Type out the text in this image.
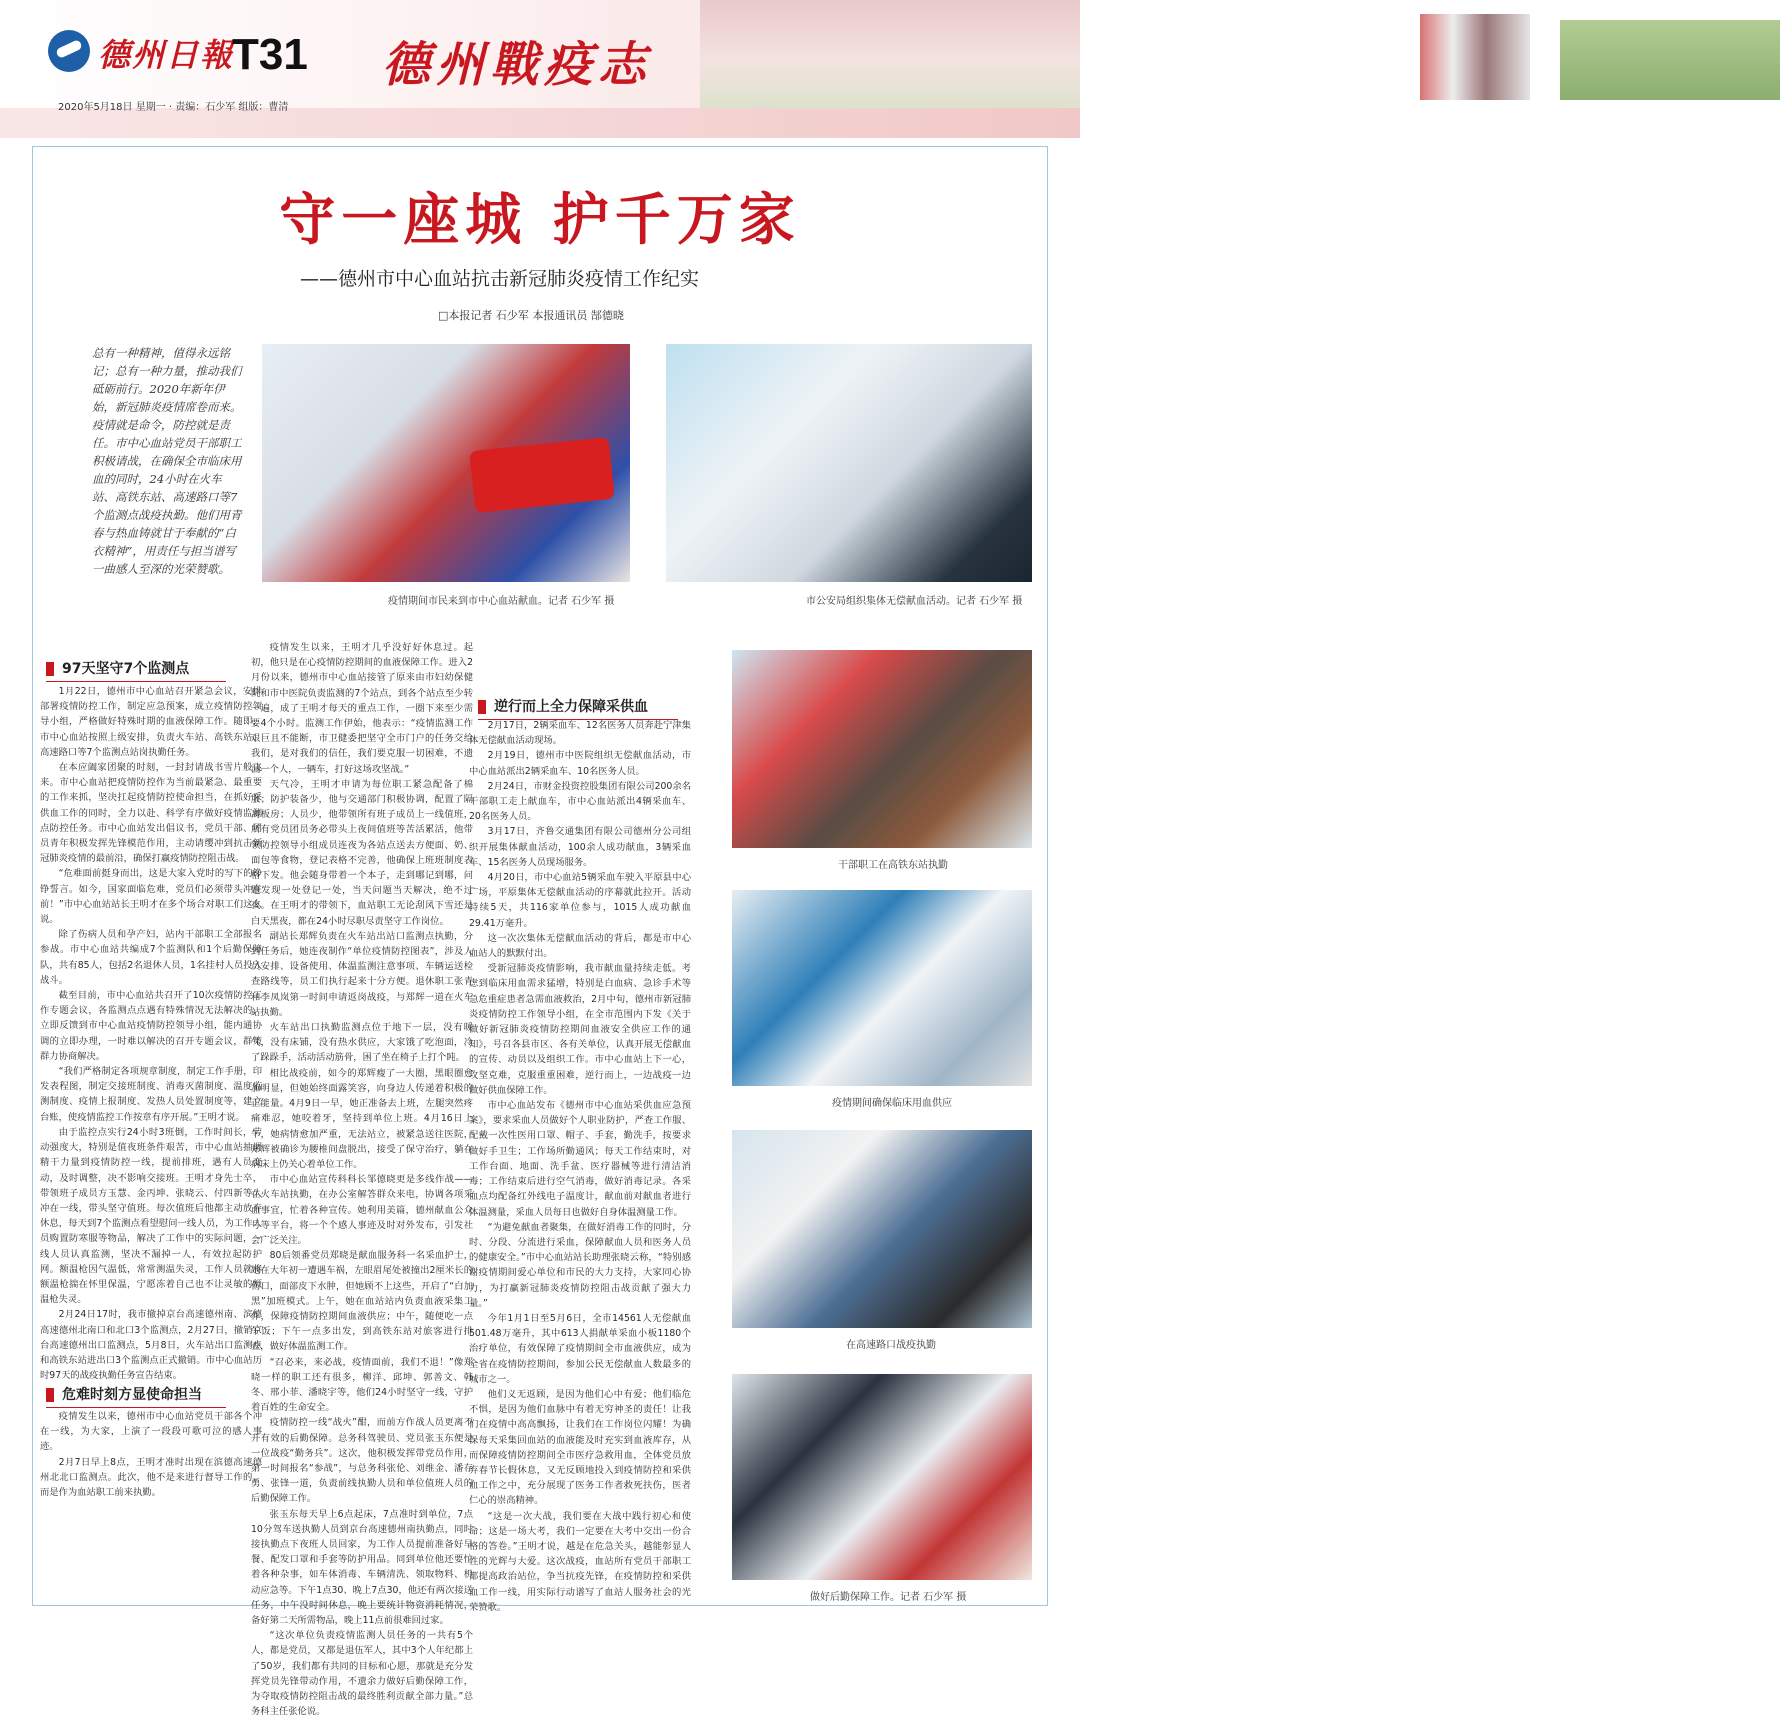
德州日報
T31 德州戰疫志
2020年5月18日 星期一 · 责编：石少军 组版：曹清
守一座城 护千万家
——德州市中心血站抗击新冠肺炎疫情工作纪实
□本报记者 石少军 本报通讯员 郜德晓
总有一种精神，值得永远铭记；总有一种力量，推动我们砥砺前行。2020年新年伊始，新冠肺炎疫情席卷而来。疫情就是命令，防控就是责任。市中心血站党员干部职工积极请战，在确保全市临床用血的同时，24小时在火车站、高铁东站、高速路口等7个监测点战疫执勤。他们用青春与热血铸就甘于奉献的“白衣精神”，用责任与担当谱写一曲感人至深的光荣赞歌。
疫情期间市民来到市中心血站献血。记者 石少军 摄	市公安局组织集体无偿献血活动。记者 石少军 摄
干部职工在高铁东站执勤
疫情期间确保临床用血供应
在高速路口战疫执勤
做好后勤保障工作。记者 石少军 摄
97天坚守7个监测点

1月22日，德州市中心血站召开紧急会议，安排部署疫情防控工作，制定应急预案，成立疫情防控领导小组，严格做好特殊时期的血液保障工作。随即，市中心血站按照上级安排，负责火车站、高铁东站、高速路口等7个监测点站岗执勤任务。

在本应阖家团聚的时刻，一封封请战书雪片般飞来。市中心血站把疫情防控作为当前最紧急、最重要的工作来抓，坚决扛起疫情防控使命担当，在抓好采供血工作的同时，全力以赴、科学有序做好疫情监测点防控任务。市中心血站发出倡议书，党员干部、团员青年积极发挥先锋模范作用，主动请缨冲到抗击新冠肺炎疫情的最前沿，确保打赢疫情防控阻击战。

“危难面前挺身而出，这是大家入党时的写下的铮铮誓言。如今，国家面临危难，党员们必须带头冲在前！”市中心血站站长王明才在多个场合对职工们这么说。

除了伤病人员和孕产妇，站内干部职工全部报名参战。市中心血站共编成7个监测队和1个后勤保障队，共有85人，包括2名退休人员，1名挂村人员投入战斗。

截至目前，市中心血站共召开了10次疫情防控工作专题会议，各监测点点遇有特殊情况无法解决的，立即反馈到市中心血站疫情防控领导小组，能内通协调的立即办理，一时难以解决的召开专题会议，群策群力协商解决。

“我们严格制定各项规章制度，制定工作手册，印发表程图，制定交接班制度、消毒灭菌制度、温度监测制度、疫情上报制度、发热人员处置制度等，建立台账，使疫情监控工作按章有序开展。”王明才说。

由于监控点实行24小时3班倒，工作时间长，劳动强度大，特别是值夜班条件艰苦，市中心血站抽调精干力量到疫情防控一线，提前排班，遇有人员变动，及时调整，决不影响交接班。王明才身先士卒，带领班子成员方玉慧、金丙坤、张晓云、付四新等人冲在一线，带头坚守值班。每次值班后他都主动放弃休息，每天到7个监测点看望慰问一线人员，为工作人员购置防寒服等物品，解决了工作中的实际问题，一线人员认真监测，坚决不漏掉一人，有效拉起防护网。额温枪因气温低，常常测温失灵，工作人员就将额温枪揣在怀里保温，宁愿冻着自己也不让灵敏的额温枪失灵。

2月24日17时，我市撤掉京台高速德州南、滨德高速德州北南口和北口3个监测点，2月27日，撤销京台高速德州出口监测点，5月8日，火车站出口监测点和高铁东站进出口3个监测点正式撤销。市中心血站历时97天的战疫执勤任务宣告结束。

危难时刻方显使命担当

疫情发生以来，德州市中心血站党员干部各个冲在一线，为大家，上演了一段段可歌可泣的感人事迹。

2月7日早上8点，王明才准时出现在滨德高速德州北北口监测点。此次，他不是来进行督导工作的，而是作为血站职工前来执勤。

疫情发生以来，王明才几乎没好好休息过。起初，他只是在心疫情防控期间的血液保障工作。进入2月份以来，德州市中心血站接管了原来由市妇幼保健院和市中医院负责监测的7个站点，到各个站点至少转一遍，成了王明才每天的重点工作，一圈下来至少需要4个小时。监测工作伊始，他表示：“疫情监测工作艰巨且不能断，市卫健委把坚守全市门户的任务交给我们，是对我们的信任，我们要克服一切困难，不遗漏一个人，一辆车，打好这场攻坚战。”

天气冷，王明才申请为每位职工紧急配备了棉服；防护装备少，他与交通部门积极协调，配置了隔离板房；人员少，他带领所有班子成员上一线值班，所有党员团员务必带头上夜间值班等苦活累活，他带领防控领导小组成员连夜为各站点送去方便面、奶、面包等食物，登记表格不完善，他确保上班班制度表格下发。他会随身带着一个本子，走到哪记到哪，问题发现一处登记一处，当天问题当天解决，绝不过夜。在王明才的带领下，血站职工无论刮风下雪还是白天黑夜，都在24小时尽职尽责坚守工作岗位。

副站长郑辉负责在火车站出站口监测点执勤，分到任务后，她连夜制作“单位疫情防控图表”，涉及人员安排、设备使用、体温监测注意事项、车辆运送检查路线等，员工们执行起来十分方便。退休职工张青和李凤岚第一时间申请返岗战疫，与郑辉一道在火车站执勤。

火车站出口执勤监测点位于地下一层，没有暖气，没有床铺，没有热水供应，大家饿了吃泡面，冷了跺跺手，活动活动筋骨，困了坐在椅子上打个盹。

相比战疫前，如今的郑辉瘦了一大圈，黑眼圈愈加明显，但她始终面露笑容，向身边人传递着积极的正能量。4月9日一早，她正准备去上班，左腿突然疼痛难忍，她咬着牙，坚持到单位上班。4月16日上午，她病情愈加严重，无法站立，被紧急送往医院，郑辉被确诊为腰椎间盘脱出，接受了保守治疗，躺在病床上仍关心着单位工作。

市中心血站宣传科科长邹德晓更是多线作战——在火车站执勤，在办公室解答群众来电，协调各项采血事宜，忙着各种宣传。她利用美篇，德州献血公众号等平台，将一个个感人事迹及时对外发布，引发社会广泛关注。

80后领番党员郑晓是献血服务科一名采血护士，她在大年初一遭遇车祸，左眼眉尾处被撞出2厘米长的伤口，面部皮下水肿，但她顾不上这些，开启了“白加黑”加班模式。上午，她在血站站内负责血液采集工作，保障疫情防控期间血液供应；中午，随便吃一点午饭；下午一点多出发，到高铁东站对旅客进行排查，做好体温监测工作。

“召必来，来必战，疫情面前，我们不退！”像郑晓一样的职工还有很多，柳洋、邱坤、郭善文、韩冬、邢小菲、潘晓宇等，他们24小时坚守一线，守护着百姓的生命安全。

疫情防控一线“战火”酣，而前方作战人员更离不开有效的后勤保障。总务科驾驶员、党员张玉东便是一位战疫“勤务兵”。这次，他积极发挥带党员作用，第一时间报名“参战”，与总务科张伦、刘维金、潘存勇、张锋一道，负责前线执勤人员和单位值班人员的后勤保障工作。

张玉东每天早上6点起床，7点准时到单位，7点10分驾车送执勤人员到京台高速德州南执勤点，同时接执勤点下夜班人员回家，为工作人员提前准备好早餐、配发口罩和手套等防护用品。同到单位他还要忙着各种杂事，如车体消毒、车辆清洗、领取物料、机动应急等。下午1点30、晚上7点30，他还有两次接送任务，中午没时间休息，晚上要统计物资消耗情况，备好第二天所需物品，晚上11点前很难回过家。

“这次单位负责疫情监测人员任务的一共有5个人，都是党员，又都是退伍军人，其中3个人年纪都上了50岁，我们都有共同的目标和心愿，那就是充分发挥党员先锋带动作用，不遗余力做好后勤保障工作，为夺取疫情防控阻击战的最终胜利贡献全部力量。”总务科主任张伦说。

逆行而上全力保障采供血

2月17日，2辆采血车、12名医务人员奔赴宁津集体无偿献血活动现场。

2月19日，德州市中医院组织无偿献血活动，市中心血站派出2辆采血车、10名医务人员。

2月24日，市财金投资控股集团有限公司200余名干部职工走上献血车，市中心血站派出4辆采血车、20名医务人员。

3月17日，齐鲁交通集团有限公司德州分公司组织开展集体献血活动，100余人成功献血，3辆采血车、15名医务人员现场服务。

4月20日，市中心血站5辆采血车驶入平原县中心广场，平原集体无偿献血活动的序幕就此拉开。活动持续5天，共116家单位参与，1015人成功献血29.41万毫升。

这一次次集体无偿献血活动的背后，都是市中心血站人的默默付出。

受新冠肺炎疫情影响，我市献血量持续走低。考虑到临床用血需求猛增，特别是白血病、急诊手术等急危重症患者急需血液救治，2月中旬，德州市新冠肺炎疫情防控工作领导小组，在全市范围内下发《关于做好新冠肺炎疫情防控期间血液安全供应工作的通知》，号召各县市区、各有关单位，认真开展无偿献血的宣传、动员以及组织工作。市中心血站上下一心，攻坚克难，克服重重困难，逆行而上，一边战疫一边做好供血保障工作。

市中心血站发布《德州市中心血站采供血应急预案》，要求采血人员做好个人职业防护，严查工作服、配戴一次性医用口罩、帽子、手套，勤洗手，按要求做好手卫生；工作场所勤通风；每天工作结束时，对工作台面、地面、洗手盆、医疗器械等进行清洁消毒；工作结束后进行空气消毒，做好消毒记录。各采血点均配备红外线电子温度计，献血前对献血者进行体温测量，采血人员每日也做好自身体温测量工作。

“为避免献血者聚集，在做好消毒工作的同时，分时、分段、分流进行采血，保障献血人员和医务人员的健康安全。”市中心血站站长助理张晓云称，“特别感谢疫情期间爱心单位和市民的大力支持，大家同心协力，为打赢新冠肺炎疫情防控阻击战贡献了强大力量。”

今年1月1日至5月6日，全市14561人无偿献血501.48万毫升，其中613人捐献单采血小板1180个治疗单位，有效保障了疫情期间全市血液供应，成为全省在疫情防控期间，参加公民无偿献血人数最多的城市之一。

他们义无返顾，是因为他们心中有爱；他们临危不惧，是因为他们血脉中有着无穷神圣的责任！让我们在疫情中高高飘扬，让我们在工作岗位闪耀！为确保每天采集回血站的血液能及时充实到血液库存，从而保障疫情防控期间全市医疗急救用血，全体党员放弃春节长假休息，又无反顾地投入到疫情防控和采供血工作之中，充分展现了医务工作者救死扶伤，医者仁心的崇高精神。

“这是一次大战，我们要在大战中践行初心和使命；这是一场大考，我们一定要在大考中交出一份合格的答卷。”王明才说，越是在危急关头，越能彰显人性的光辉与大爱。这次战疫，血站所有党员干部职工都提高政治站位，争当抗疫先锋，在疫情防控和采供血工作一线，用实际行动谱写了血站人服务社会的光荣赞歌。
